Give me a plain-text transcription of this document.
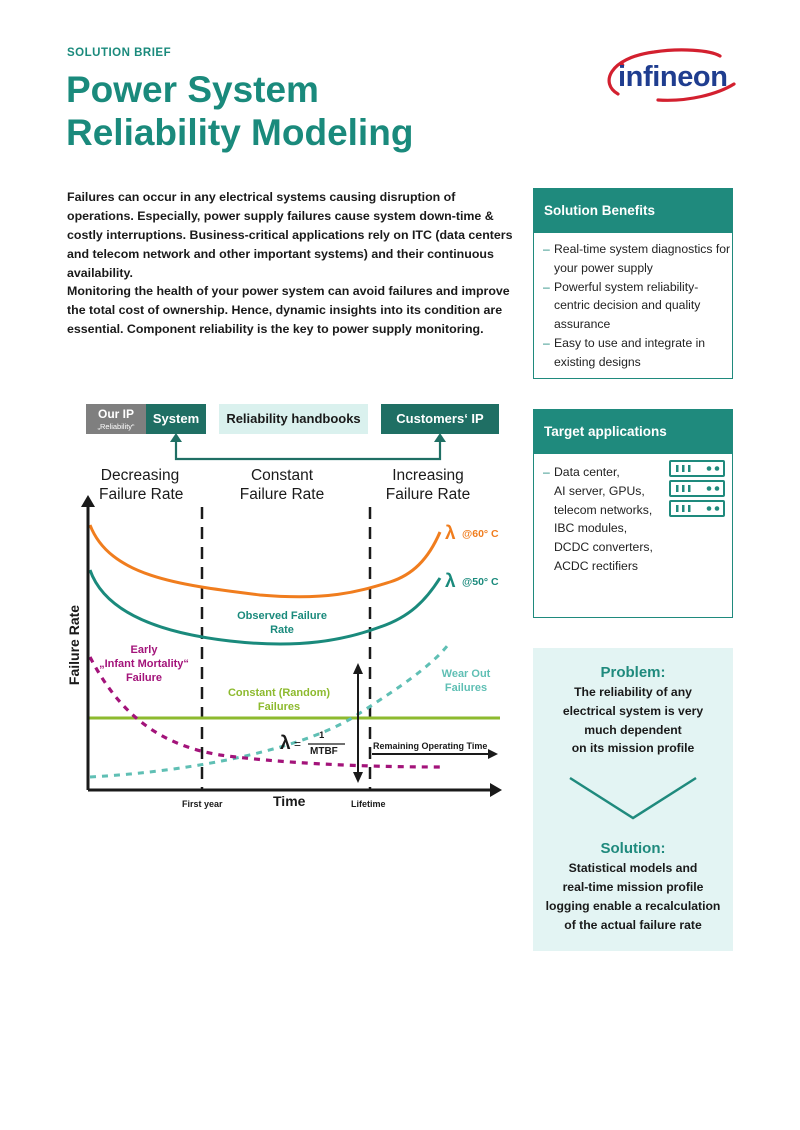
SOLUTION BRIEF
Power System
Reliability Modeling
infineon
Failures can occur in any electrical systems causing disruption of operations. Especially, power supply failures cause system down-time & costly interruptions. Business-critical applications rely on ITC (data centers and telecom network and other important systems) and their continuous availability.
Monitoring the health of your power system can avoid failures and improve the total cost of ownership. Hence, dynamic insights into its condition are essential. Component reliability is the key to power supply monitoring.
Solution Benefits
– Real-time system diagnostics for your power supply
– Powerful system reliability-centric decision and quality assurance
– Easy to use and integrate in existing designs
Target applications
– Data center,
AI server, GPUs,
telecom networks,
IBC modules,
DCDC converters,
ACDC rectifiers
Problem:
The reliability of any
electrical system is very
much dependent
on its mission profile
Solution:
Statistical models and
real-time mission profile
logging enable a recalculation
of the actual failure rate
Our IP
„Reliability“
System	Reliability handbooks	Customers‘ IP
Decreasing
Failure Rate
Constant
Failure Rate
Increasing
Failure Rate
Failure Rate
Time
First year	Lifetime
λ @60° C
λ @50° C
Observed Failure
Rate
Early
„Infant Mortality“
Failure	Wear Out
Failures
Constant (Random)
Failures
λ =
1
MTBF	Remaining Operating Time
